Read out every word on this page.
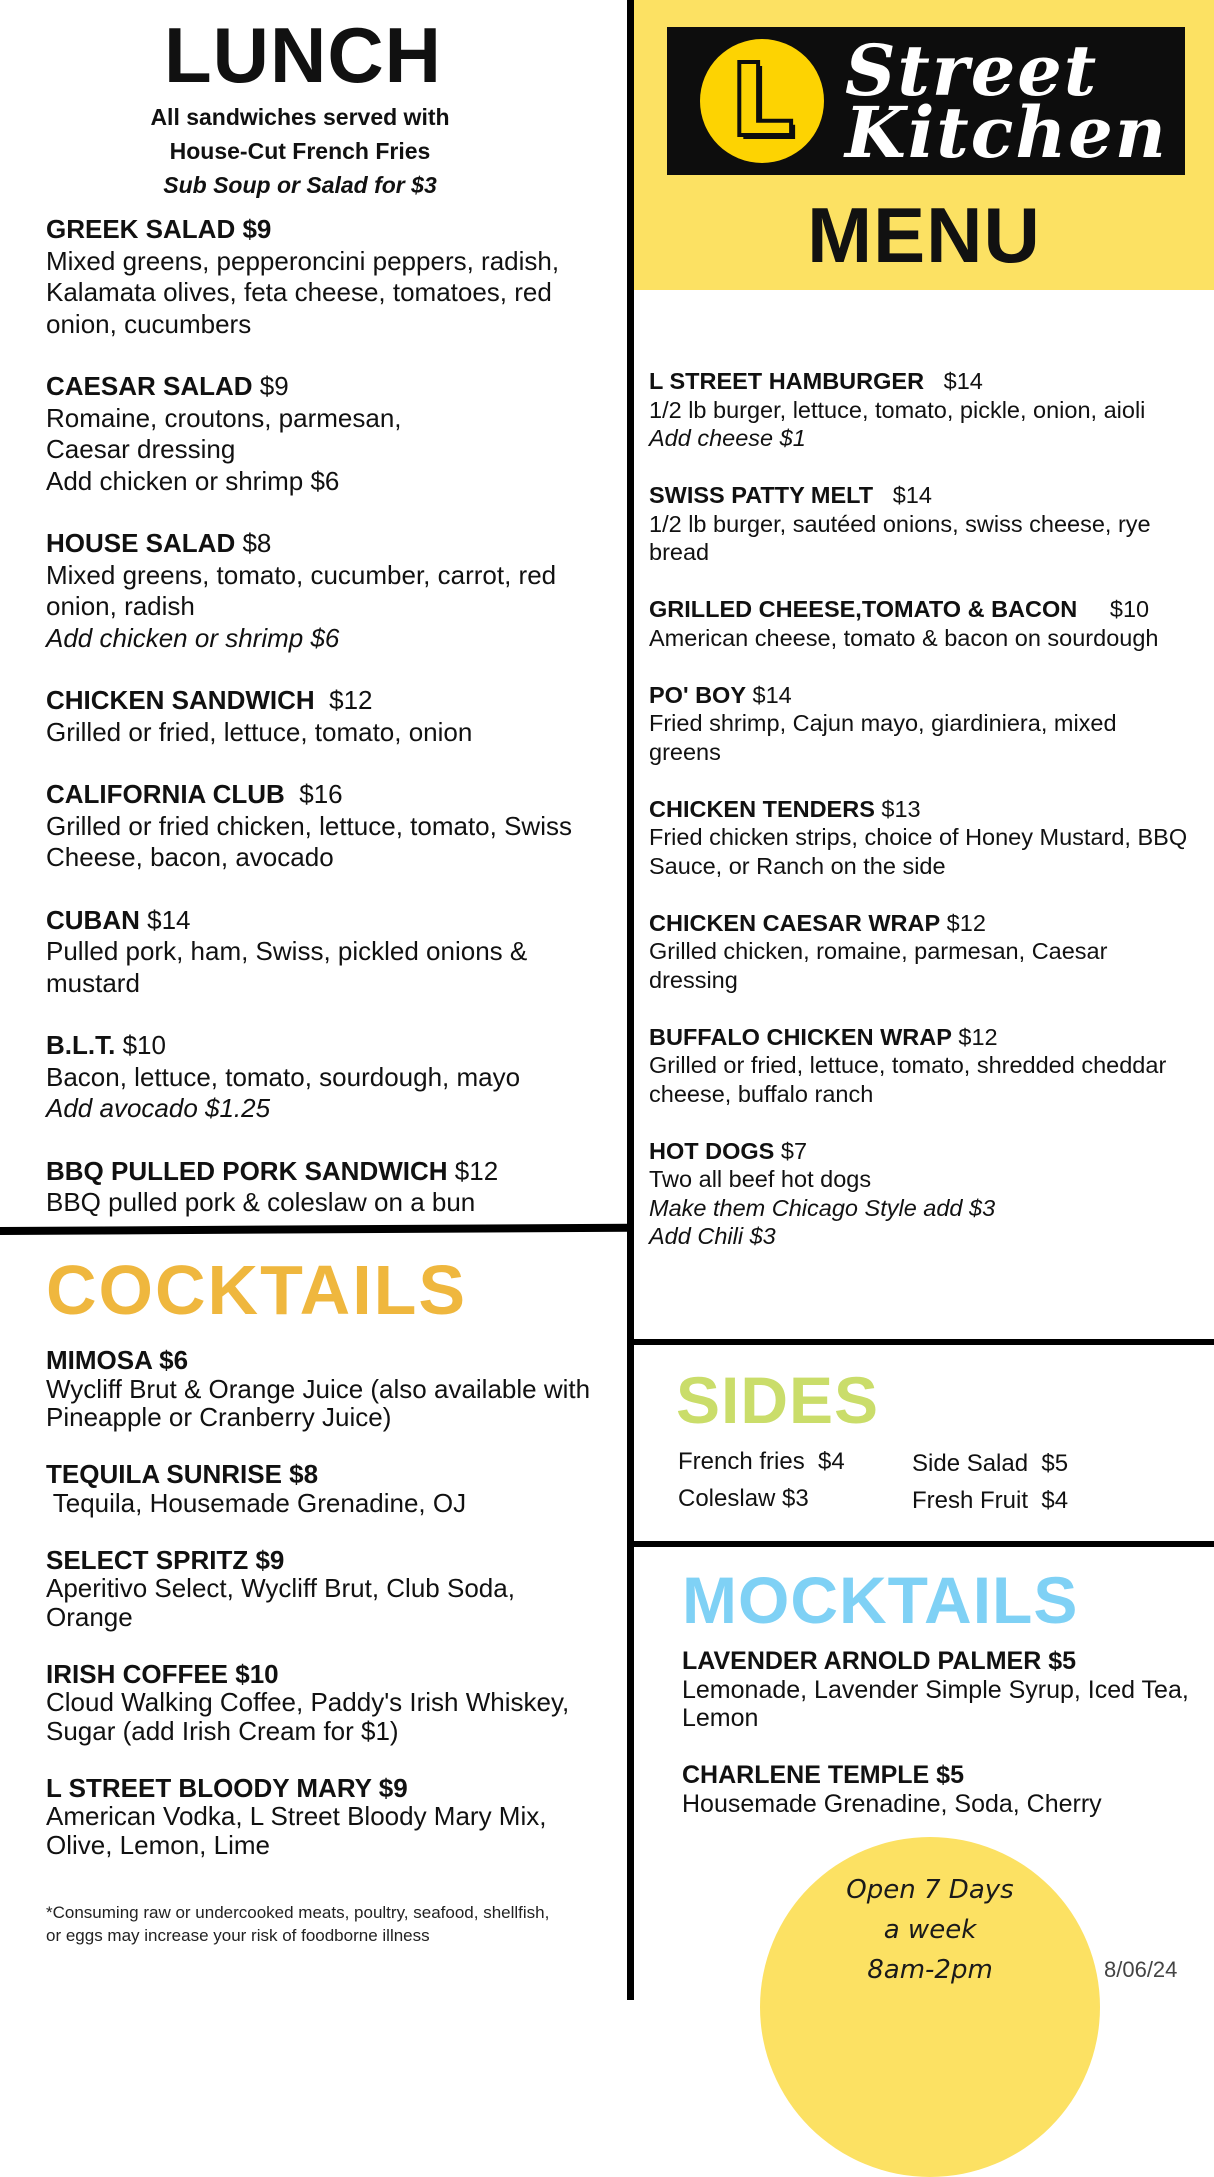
LUNCH
All sandwiches served with
House-Cut French Fries
Sub Soup or Salad for $3
GREEK SALAD $9
Mixed greens, pepperoncini peppers, radish, Kalamata olives, feta cheese, tomatoes, red onion, cucumbers
CAESAR SALAD $9
Romaine, croutons, parmesan,
Caesar dressing
Add chicken or shrimp $6
HOUSE SALAD $8
Mixed greens, tomato, cucumber, carrot, red onion, radish
Add chicken or shrimp $6
CHICKEN SANDWICH  $12
Grilled or fried, lettuce, tomato, onion
CALIFORNIA CLUB  $16
Grilled or fried chicken, lettuce, tomato, Swiss Cheese, bacon, avocado
CUBAN $14
Pulled pork, ham, Swiss, pickled onions & mustard
B.L.T. $10
Bacon, lettuce, tomato, sourdough, mayo
Add avocado $1.25
BBQ PULLED PORK SANDWICH $12
BBQ pulled pork & coleslaw on a bun
COCKTAILS
MIMOSA $6
Wycliff Brut & Orange Juice (also available with Pineapple or Cranberry Juice)
TEQUILA SUNRISE $8
Tequila, Housemade Grenadine, OJ
SELECT SPRITZ $9
Aperitivo Select, Wycliff Brut, Club Soda, Orange
IRISH COFFEE $10
Cloud Walking Coffee, Paddy's Irish Whiskey, Sugar (add Irish Cream for $1)
L STREET BLOODY MARY $9
American Vodka, L Street Bloody Mary Mix, Olive, Lemon, Lime
*Consuming raw or undercooked meats, poultry, seafood, shellfish, or eggs may increase your risk of foodborne illness
L Street
Kitchen
MENU
L STREET HAMBURGER   $14
1/2 lb burger, lettuce, tomato, pickle, onion, aioli
Add cheese $1
SWISS PATTY MELT   $14
1/2 lb burger, sautéed onions, swiss cheese, rye bread
GRILLED CHEESE,TOMATO & BACON     $10
American cheese, tomato & bacon on sourdough
PO' BOY $14
Fried shrimp, Cajun mayo, giardiniera, mixed greens
CHICKEN TENDERS $13
Fried chicken strips, choice of Honey Mustard, BBQ Sauce, or Ranch on the side
CHICKEN CAESAR WRAP $12
Grilled chicken, romaine, parmesan, Caesar dressing
BUFFALO CHICKEN WRAP $12
Grilled or fried, lettuce, tomato, shredded cheddar cheese, buffalo ranch
HOT DOGS $7
Two all beef hot dogs
Make them Chicago Style add $3
Add Chili $3
SIDES
French fries  $4
Coleslaw $3
Side Salad  $5
Fresh Fruit  $4
MOCKTAILS
LAVENDER ARNOLD PALMER $5
Lemonade, Lavender Simple Syrup, Iced Tea, Lemon
CHARLENE TEMPLE $5
Housemade Grenadine, Soda, Cherry
Open 7 Days
a week
8am-2pm	8/06/24
